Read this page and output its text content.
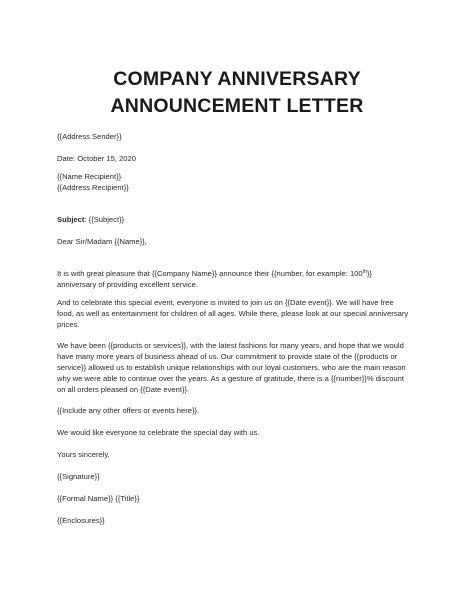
COMPANY ANNIVERSARY
ANNOUNCEMENT LETTER
{{Address Sender}}
Date: October 15, 2020
{{Name Recipient}}
{{Address Recipient}}
Subject: {{Subject}}
Dear Sir/Madam {{Name}},
It is with great pleasure that {{Company Name}} announce their {{number, for example: 100th}}
anniversary of providing excellent service.
And to celebrate this special event, everyone is invited to join us on {{Date event}}. We will have free
food, as well as entertainment for children of all ages. While there, please look at our special anniversary
prices.
We have been {{products or services}}, with the latest fashions for many years, and hope that we would
have many more years of business ahead of us. Our commitment to provide state of the {{products or
service}} allowed us to establish unique relationships with our loyal customers, who are the main reason
why we were able to continue over the years. As a gesture of gratitude, there is a {{number}}% discount
on all orders pleased on {{Date event}}.
{{Include any other offers or events here}}.
We would like everyone to celebrate the special day with us.
Yours sincerely,
{{Signature}}
{{Formal Name}} {{Title}}
{{Enclosures}}
